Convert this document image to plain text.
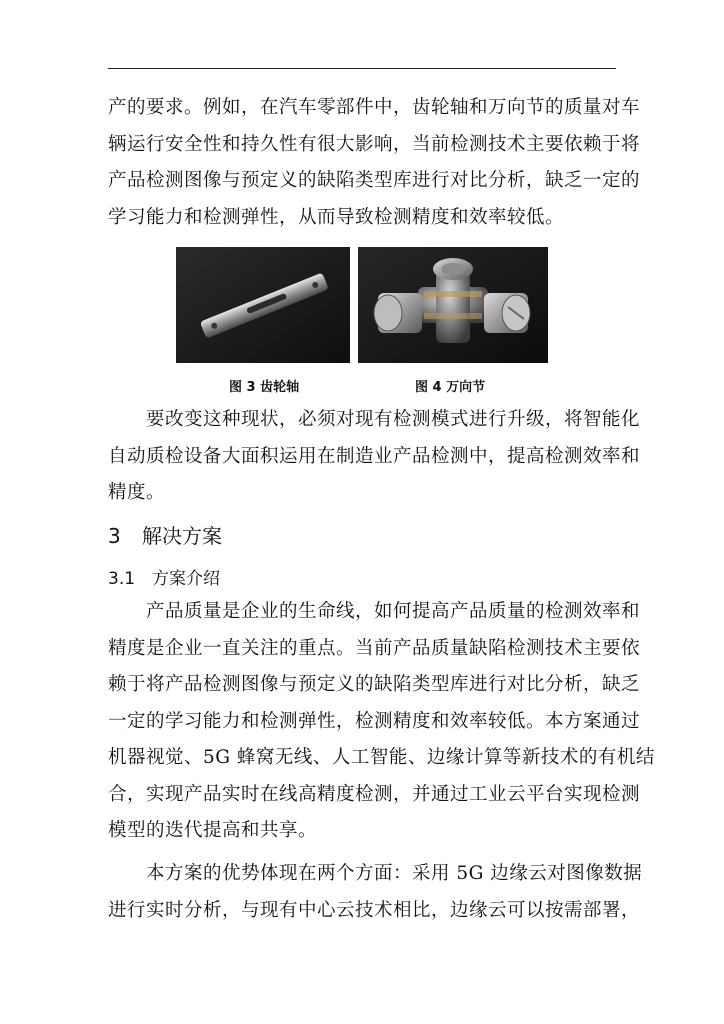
产的要求。例如，在汽车零部件中，齿轮轴和万向节的质量对车
辆运行安全性和持久性有很大影响，当前检测技术主要依赖于将
产品检测图像与预定义的缺陷类型库进行对比分析，缺乏一定的
学习能力和检测弹性，从而导致检测精度和效率较低。

图 3 齿轮轴	图 4 万向节

要改变这种现状，必须对现有检测模式进行升级，将智能化
自动质检设备大面积运用在制造业产品检测中，提高检测效率和
精度。

3 解决方案
3.1 方案介绍

产品质量是企业的生命线，如何提高产品质量的检测效率和
精度是企业一直关注的重点。当前产品质量缺陷检测技术主要依
赖于将产品检测图像与预定义的缺陷类型库进行对比分析，缺乏
一定的学习能力和检测弹性，检测精度和效率较低。本方案通过
机器视觉、5G 蜂窝无线、人工智能、边缘计算等新技术的有机结
合，实现产品实时在线高精度检测，并通过工业云平台实现检测
模型的迭代提高和共享。

本方案的优势体现在两个方面：采用 5G 边缘云对图像数据
进行实时分析，与现有中心云技术相比，边缘云可以按需部署，
